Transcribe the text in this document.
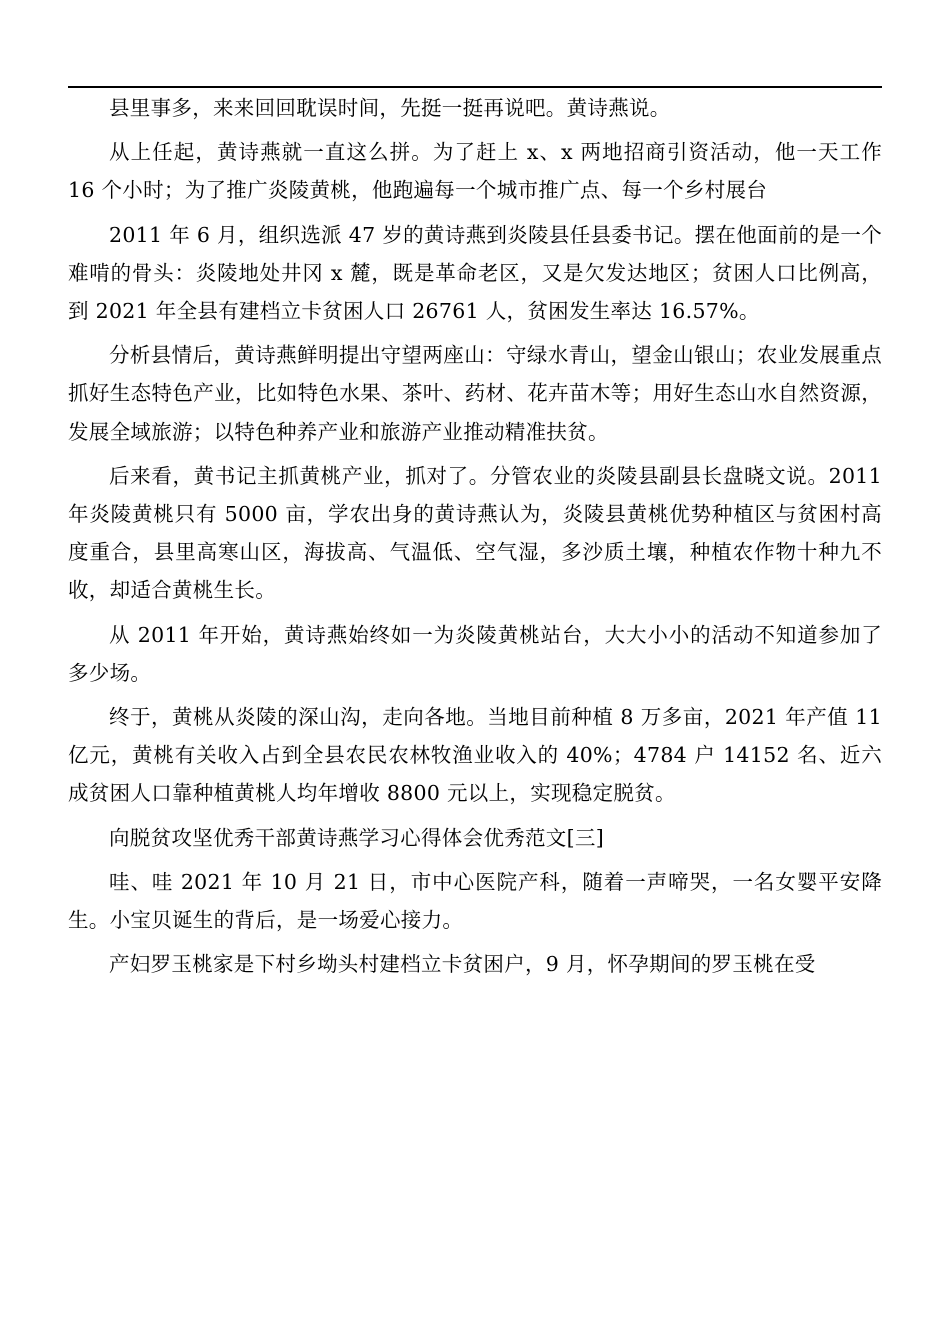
县里事多，来来回回耽误时间，先挺一挺再说吧。黄诗燕说。

从上任起，黄诗燕就一直这么拼。为了赶上 x、x 两地招商引资活动，他一天工作 16 个小时；为了推广炎陵黄桃，他跑遍每一个城市推广点、每一个乡村展台

2011 年 6 月，组织选派 47 岁的黄诗燕到炎陵县任县委书记。摆在他面前的是一个难啃的骨头：炎陵地处井冈 x 麓，既是革命老区，又是欠发达地区；贫困人口比例高，到 2021 年全县有建档立卡贫困人口 26761 人，贫困发生率达 16.57%。

分析县情后，黄诗燕鲜明提出守望两座山：守绿水青山，望金山银山；农业发展重点抓好生态特色产业，比如特色水果、茶叶、药材、花卉苗木等；用好生态山水自然资源，发展全域旅游；以特色种养产业和旅游产业推动精准扶贫。

后来看，黄书记主抓黄桃产业，抓对了。分管农业的炎陵县副县长盘晓文说。2011 年炎陵黄桃只有 5000 亩，学农出身的黄诗燕认为，炎陵县黄桃优势种植区与贫困村高度重合，县里高寒山区，海拔高、气温低、空气湿，多沙质土壤，种植农作物十种九不收，却适合黄桃生长。

从 2011 年开始，黄诗燕始终如一为炎陵黄桃站台，大大小小的活动不知道参加了多少场。

终于，黄桃从炎陵的深山沟，走向各地。当地目前种植 8 万多亩，2021 年产值 11 亿元，黄桃有关收入占到全县农民农林牧渔业收入的 40%；4784 户 14152 名、近六成贫困人口靠种植黄桃人均年增收 8800 元以上，实现稳定脱贫。

向脱贫攻坚优秀干部黄诗燕学习心得体会优秀范文[三]

哇、哇 2021 年 10 月 21 日，市中心医院产科，随着一声啼哭，一名女婴平安降生。小宝贝诞生的背后，是一场爱心接力。

产妇罗玉桃家是下村乡坳头村建档立卡贫困户，9 月，怀孕期间的罗玉桃在受
